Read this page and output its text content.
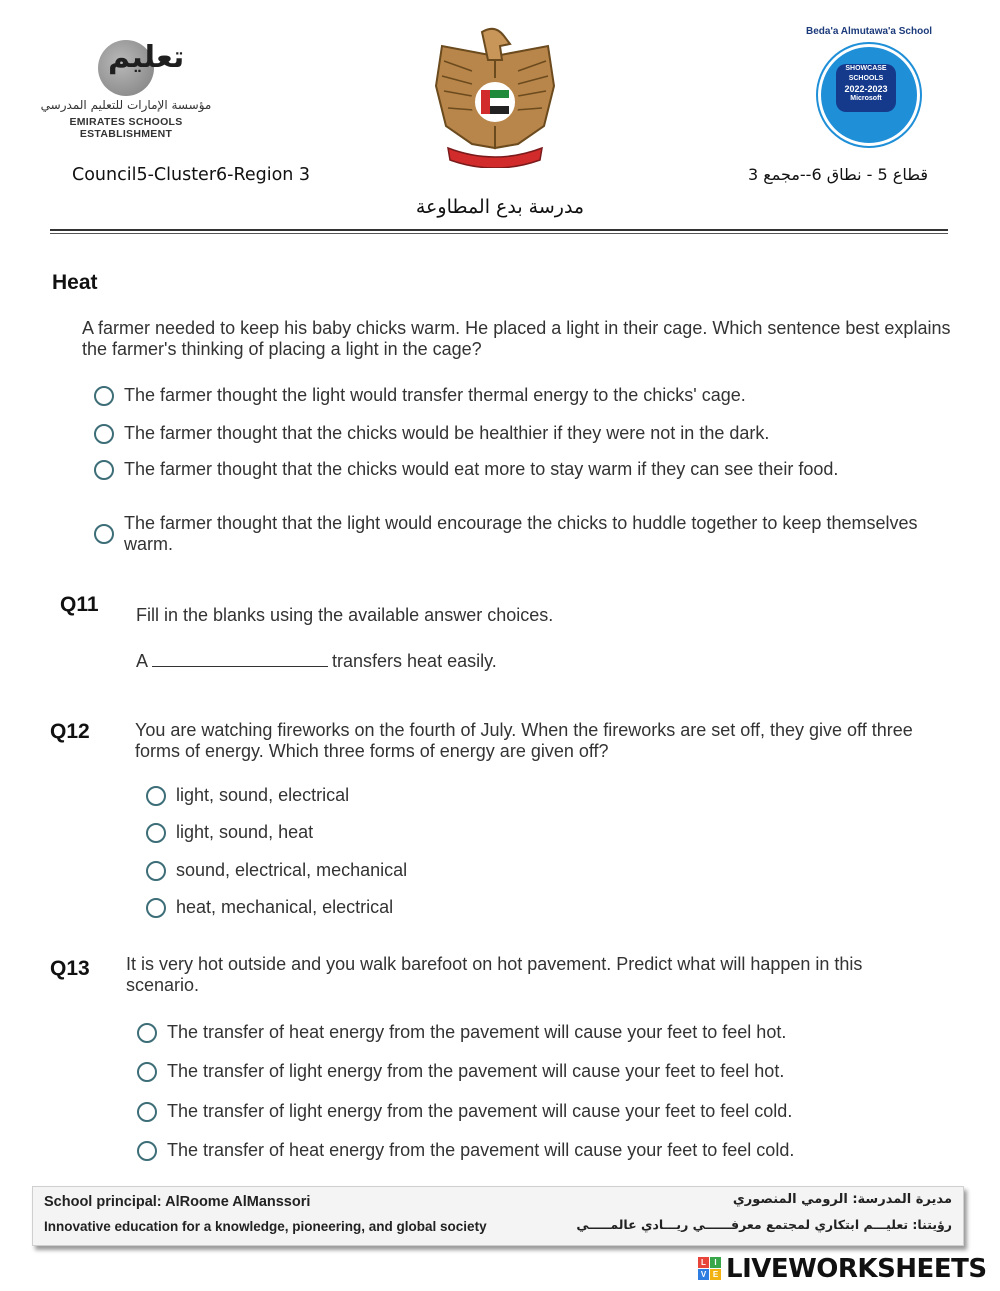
تعليم
مؤسسة الإمارات للتعليم المدرسي
EMIRATES SCHOOLS ESTABLISHMENT
Beda'a Almutawa'a School
SHOWCASE SCHOOLS
2022-2023
Microsoft
Council5-Cluster6-Region 3	قطاع 5 - نطاق 6--مجمع 3
مدرسة بدع المطاوعة
Heat
A farmer needed to keep his baby chicks warm. He placed a light in their cage. Which sentence best explains the farmer's thinking of placing a light in the cage?
The farmer thought the light would transfer thermal energy to the chicks' cage.
The farmer thought that the chicks would be healthier if they were not in the dark.
The farmer thought that the chicks would eat more to stay warm if they can see their food.
The farmer thought that the light would encourage the chicks to huddle together to keep themselves warm.
Q11 Fill in the blanks using the available answer choices.
A	transfers heat easily.
Q12	You are watching fireworks on the fourth of July. When the fireworks are set off, they give off three forms of energy. Which three forms of energy are given off?
light, sound, electrical
light, sound, heat
sound, electrical, mechanical
heat, mechanical, electrical
Q13 It is very hot outside and you walk barefoot on hot pavement. Predict what will happen in this scenario.
The transfer of heat energy from the pavement will cause your feet to feel hot.
The transfer of light energy from the pavement will cause your feet to feel hot.
The transfer of light energy from the pavement will cause your feet to feel cold.
The transfer of heat energy from the pavement will cause your feet to feel cold.
School principal: AlRoome AlManssori
Innovative education for a knowledge, pioneering, and global society
مديرة المدرسة: الرومي المنصوري
رؤيتنا: تعليـــم ابتكاري لمجتمع معرفــــــي ريـــادي عالمـــــي
L	I
V E LIVEWORKSHEETS
